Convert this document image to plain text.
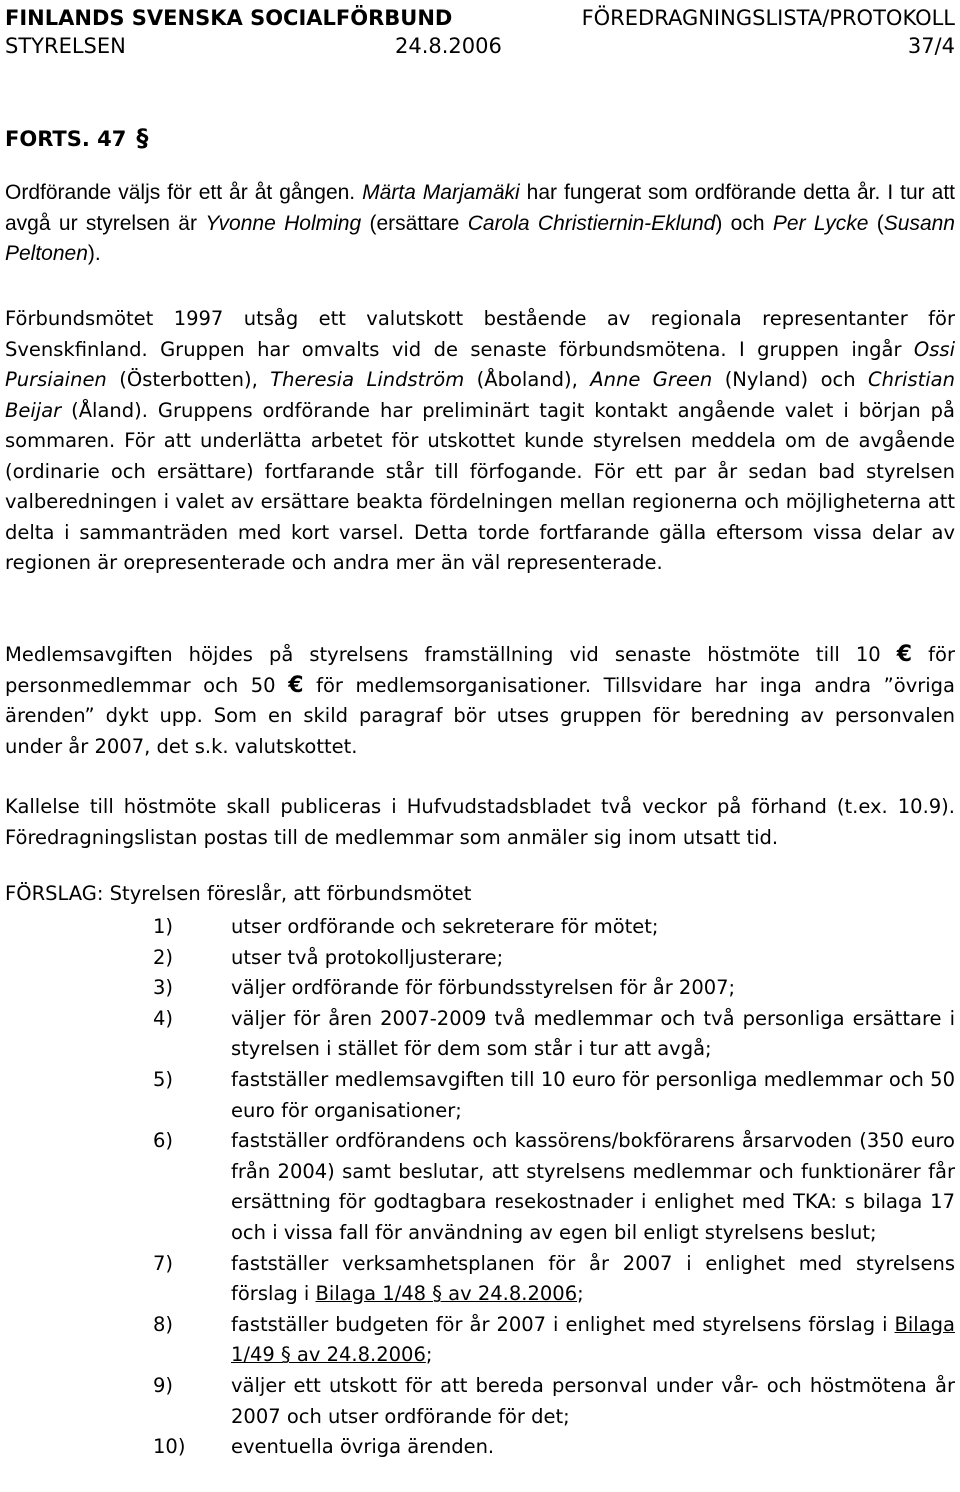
FINLANDS SVENSKA SOCIALFÖRBUND	FÖREDRAGNINGSLISTA/PROTOKOLL
STYRELSEN	24.8.2006	37/4
FORTS. 47 §

Ordförande väljs för ett år åt gången. Märta Marjamäki har fungerat som ordförande detta år. I tur att avgå ur styrelsen är Yvonne Holming (ersättare Carola Christiernin-Eklund) och Per Lycke (Susann Peltonen).

Förbundsmötet 1997 utsåg ett valutskott bestående av regionala representanter för Svenskfinland. Gruppen har omvalts vid de senaste förbundsmötena. I gruppen ingår Ossi Pursiainen (Österbotten), Theresia Lindström (Åboland), Anne Green (Nyland) och Christian Beijar (Åland). Gruppens ordförande har preliminärt tagit kontakt angående valet i början på sommaren. För att underlätta arbetet för utskottet kunde styrelsen meddela om de avgående (ordinarie och ersättare) fortfarande står till förfogande. För ett par år sedan bad styrelsen valberedningen i valet av ersättare beakta fördelningen mellan regionerna och möjligheterna att delta i sammanträden med kort varsel. Detta torde fortfarande gälla eftersom vissa delar av regionen är orepresenterade och andra mer än väl representerade.

Medlemsavgiften höjdes på styrelsens framställning vid senaste höstmöte till 10 € för personmedlemmar och 50 € för medlemsorganisationer. Tillsvidare har inga andra ”övriga ärenden” dykt upp. Som en skild paragraf bör utses gruppen för beredning av personvalen under år 2007, det s.k. valutskottet.

Kallelse till höstmöte skall publiceras i Hufvudstadsbladet två veckor på förhand (t.ex. 10.9). Föredragningslistan postas till de medlemmar som anmäler sig inom utsatt tid.

FÖRSLAG: Styrelsen föreslår, att förbundsmötet
1)	utser ordförande och sekreterare för mötet;
2)	utser två protokolljusterare;
3)	väljer ordförande för förbundsstyrelsen för år 2007;
4)	väljer för åren 2007-2009 två medlemmar och två personliga ersättare i styrelsen i stället för dem som står i tur att avgå;
5)	fastställer medlemsavgiften till 10 euro för personliga medlemmar och 50 euro för organisationer;
6)	fastställer ordförandens och kassörens/bokförarens årsarvoden (350 euro från 2004) samt beslutar, att styrelsens medlemmar och funktionärer får ersättning för godtagbara resekostnader i enlighet med TKA: s bilaga 17 och i vissa fall för användning av egen bil enligt styrelsens beslut;
7)	fastställer verksamhetsplanen för år 2007 i enlighet med styrelsens förslag i Bilaga 1/48 § av 24.8.2006;
8)	fastställer budgeten för år 2007 i enlighet med styrelsens förslag i Bilaga 1/49 § av 24.8.2006;
9)	väljer ett utskott för att bereda personval under vår- och höstmötena år 2007 och utser ordförande för det;
10) eventuella övriga ärenden.
